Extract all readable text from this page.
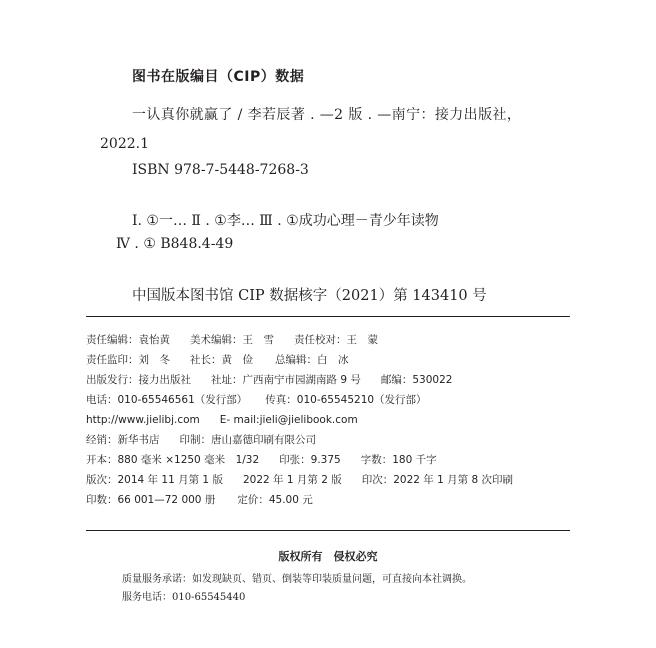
图书在版编目（CIP）数据
一认真你就赢了 / 李若辰著 . —2 版 . —南宁：接力出版社，
2022.1
ISBN 978-7-5448-7268-3
Ⅰ. ①一… Ⅱ . ①李… Ⅲ . ①成功心理－青少年读物
Ⅳ . ① B848.4-49
中国版本图书馆 CIP 数据核字（2021）第 143410 号
责任编辑：袁怡黄 美术编辑：王　雪 责任校对：王　蒙
责任监印：刘　冬 社长：黄　俭 总编辑：白　冰
出版发行：接力出版社 社址：广西南宁市园湖南路 9 号 邮编：530022
电话：010-65546561（发行部） 传真：010-65545210（发行部）
http://www.jielibj.com E- mail:jieli@jielibook.com
经销：新华书店 印制：唐山嘉德印刷有限公司
开本：880 毫米 ×1250 毫米　1/32 印张：9.375 字数：180 千字
版次：2014 年 11 月第 1 版 2022 年 1 月第 2 版 印次：2022 年 1 月第 8 次印刷
印数：66 001—72 000 册 定价：45.00 元
版权所有　侵权必究
质量服务承诺：如发现缺页、错页、倒装等印装质量问题，可直接向本社调换。
服务电话：010-65545440
